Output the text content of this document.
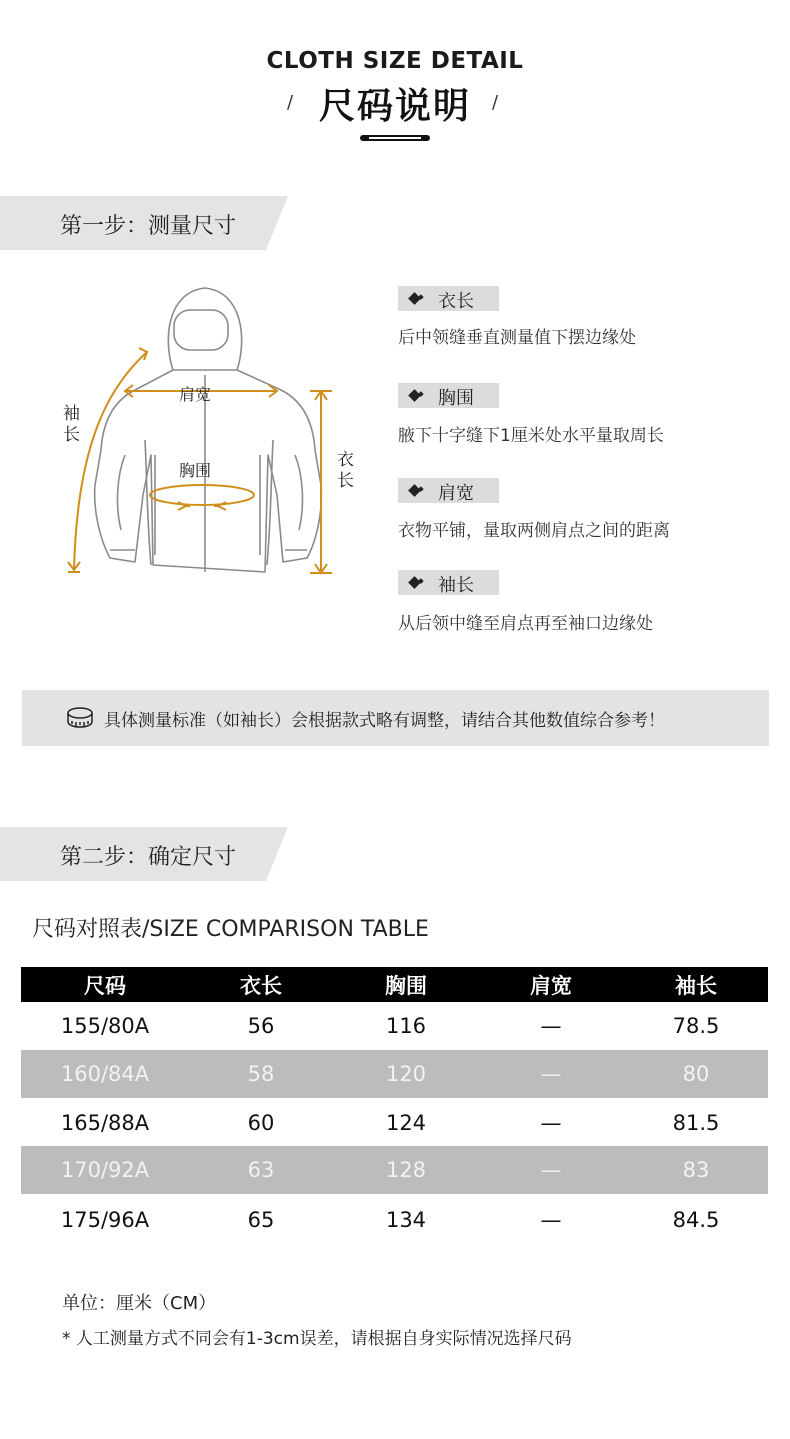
CLOTH SIZE DETAIL
/ 尺码说明	/
第一步：测量尺寸
肩宽
胸围
袖长
衣长
衣长
后中领缝垂直测量值下摆边缘处
胸围
腋下十字缝下1厘米处水平量取周长
肩宽
衣物平铺，量取两侧肩点之间的距离
袖长
从后领中缝至肩点再至袖口边缘处
具体测量标准（如袖长）会根据款式略有调整，请结合其他数值综合参考！
第二步：确定尺寸
尺码对照表/SIZE COMPARISON TABLE
尺码	衣长	胸围	肩宽	袖长
155/80A	56	116	—	78.5
160/84A	58	120	—	80
165/88A	60	124	—	81.5
170/92A	63	128	—	83
175/96A	65	134	—	84.5
单位：厘米（CM）
* 人工测量方式不同会有1-3cm误差，请根据自身实际情况选择尺码
